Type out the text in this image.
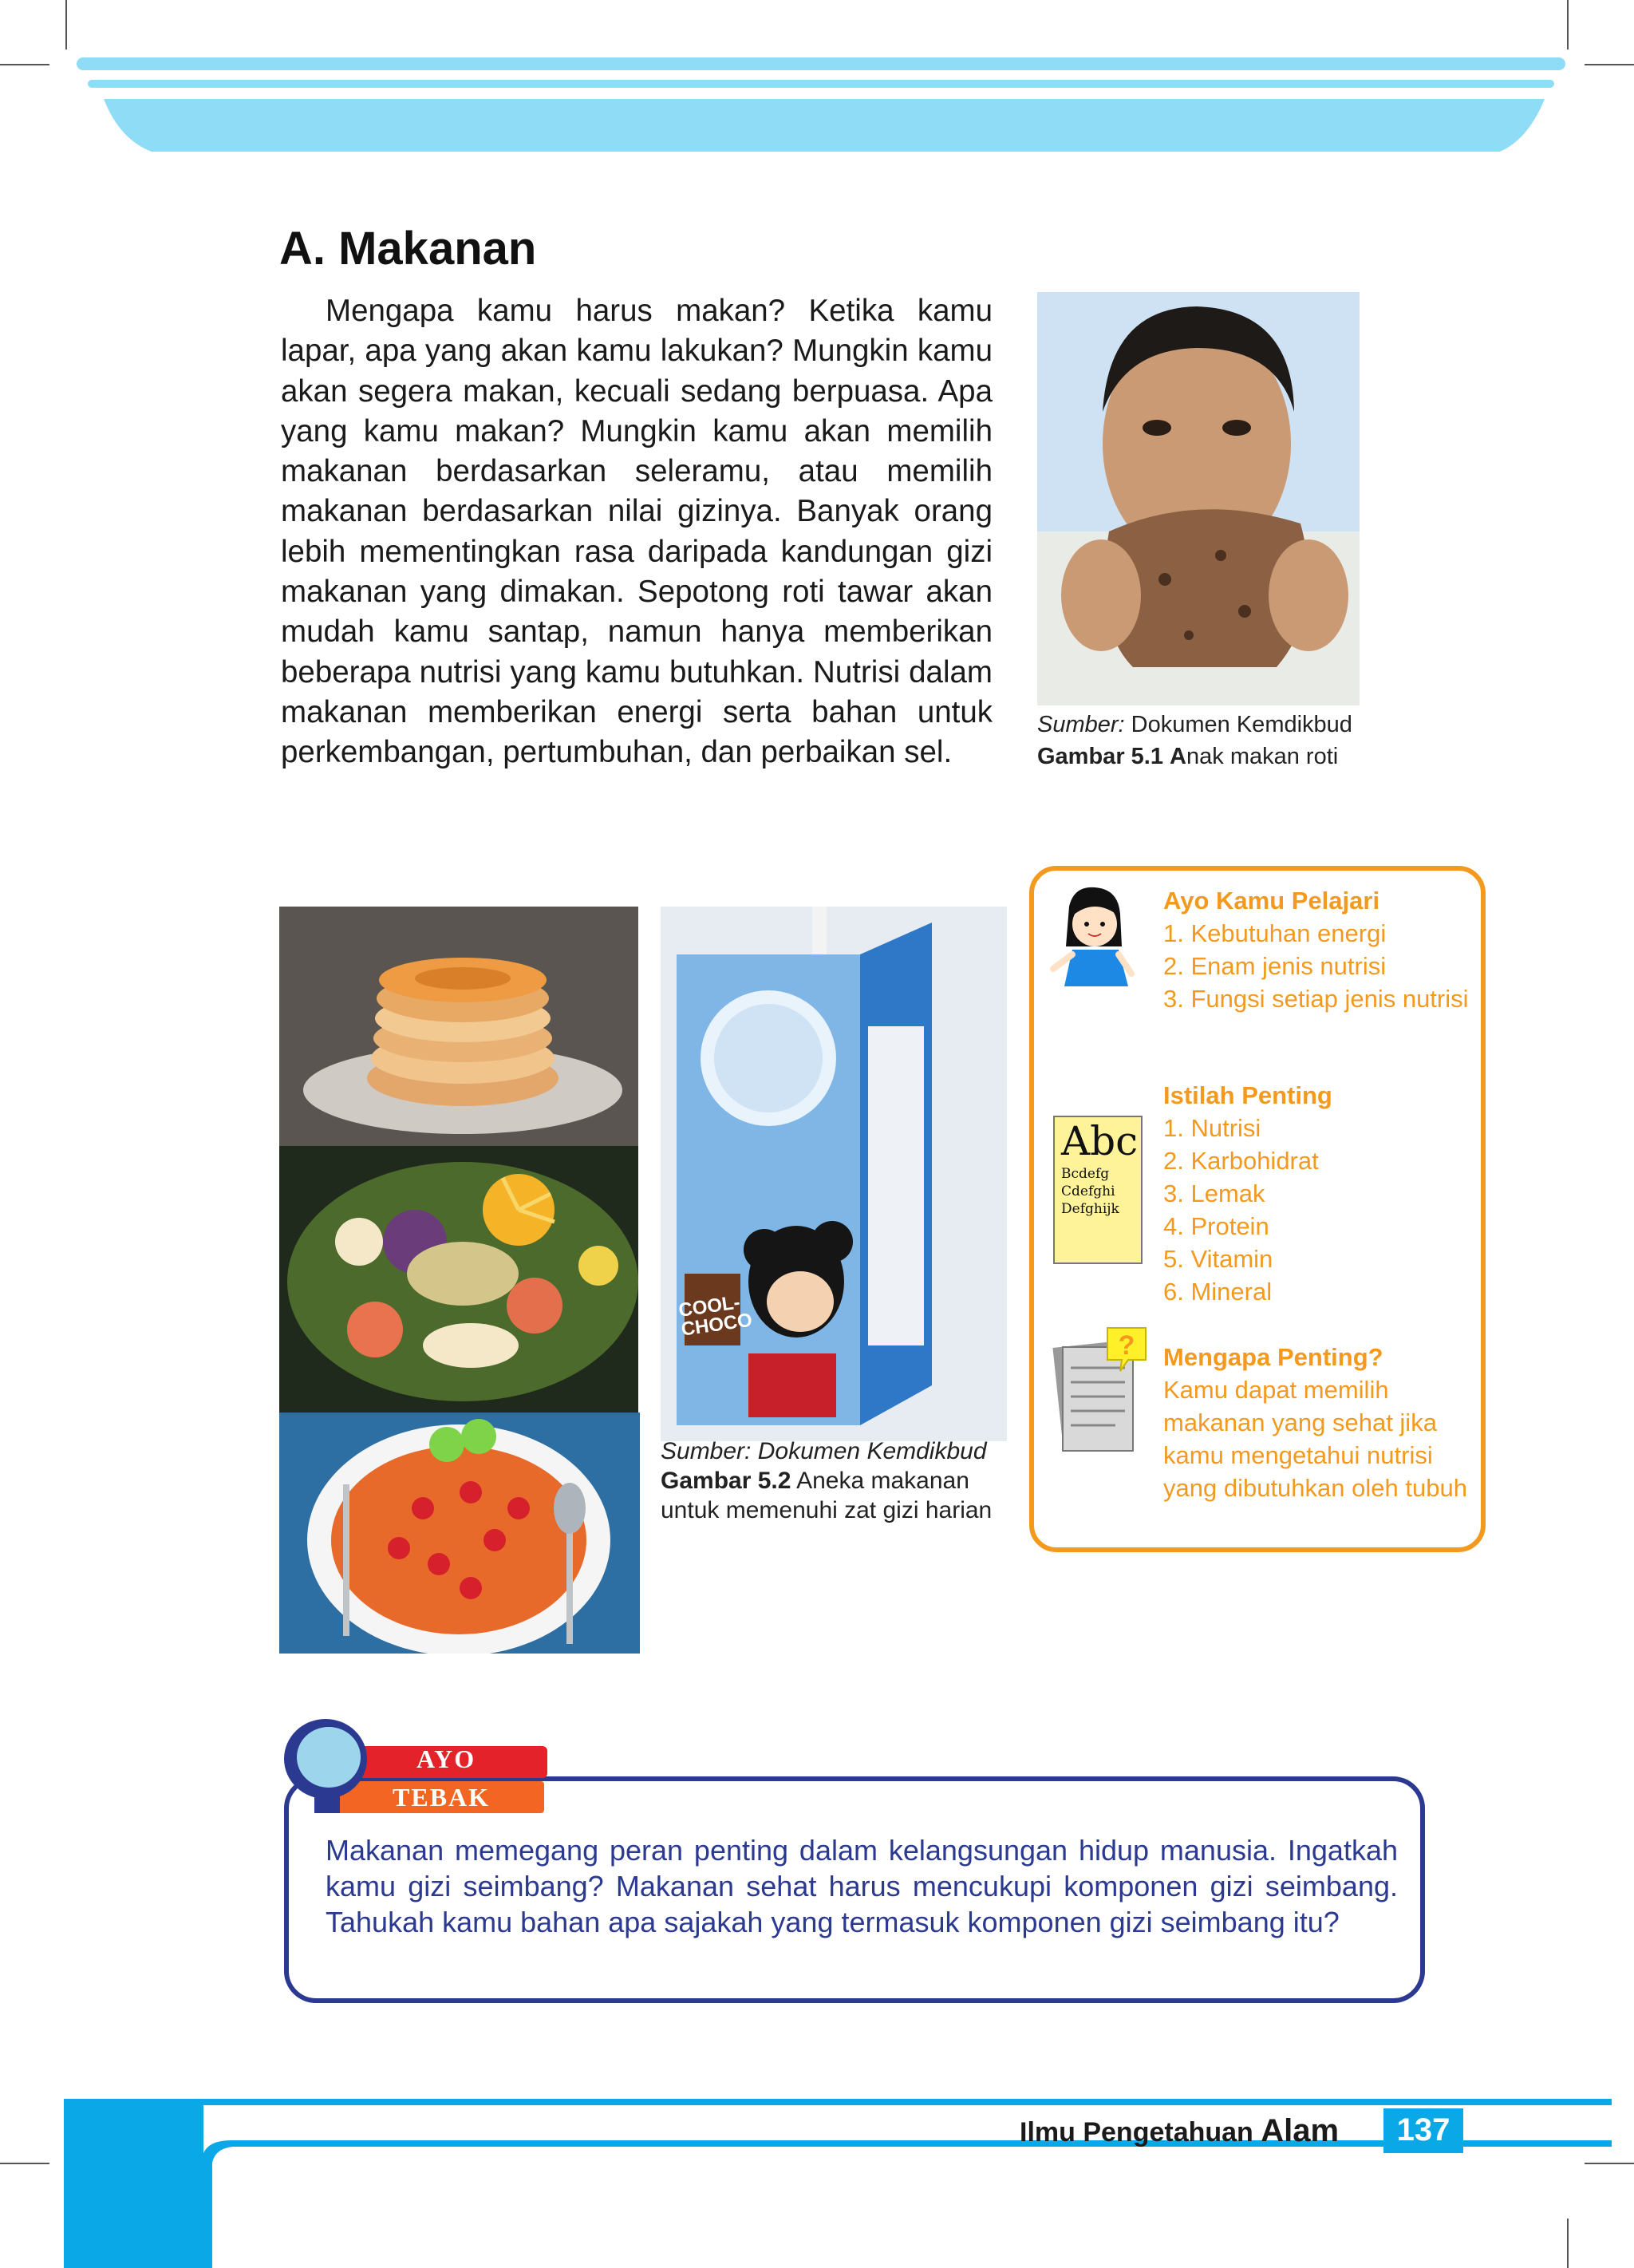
A. Makanan
Mengapa kamu harus makan? Ketika kamu lapar, apa yang akan kamu lakukan? Mungkin kamu akan segera makan, kecuali sedang berpuasa. Apa yang kamu makan? Mungkin kamu akan memilih makanan berdasarkan seleramu, atau memilih makanan berdasarkan nilai gizinya. Banyak orang lebih mementingkan rasa daripada kandungan gizi makanan yang dimakan. Sepotong roti tawar akan mudah kamu santap, namun hanya memberikan beberapa nutrisi yang kamu butuhkan. Nutrisi dalam makanan memberikan energi serta bahan untuk perkembangan, pertumbuhan, dan perbaikan sel.
Sumber: Dokumen Kemdikbud
Gambar 5.1 Anak makan roti
COOL-CHOCO
Sumber: Dokumen Kemdikbud
Gambar 5.2 Aneka makanan untuk memenuhi zat gizi harian
Abc
Bcdefg
Cdefghi
Defghijk
?
Ayo Kamu Pelajari
1. Kebutuhan energi
2. Enam jenis nutrisi
3. Fungsi setiap jenis nutrisi
Istilah Penting
1. Nutrisi
2. Karbohidrat
3. Lemak
4. Protein
5. Vitamin
6. Mineral
Mengapa Penting?
Kamu dapat memilih makanan yang sehat jika kamu mengetahui nutrisi yang dibutuhkan oleh tubuh
AYO
TEBAK
Makanan memegang peran penting dalam kelangsungan hidup manusia. Ingatkah kamu gizi seimbang? Makanan sehat harus mencukupi komponen gizi seimbang. Tahukah kamu bahan apa sajakah yang termasuk komponen gizi seimbang itu?
Ilmu Pengetahuan Alam 137
